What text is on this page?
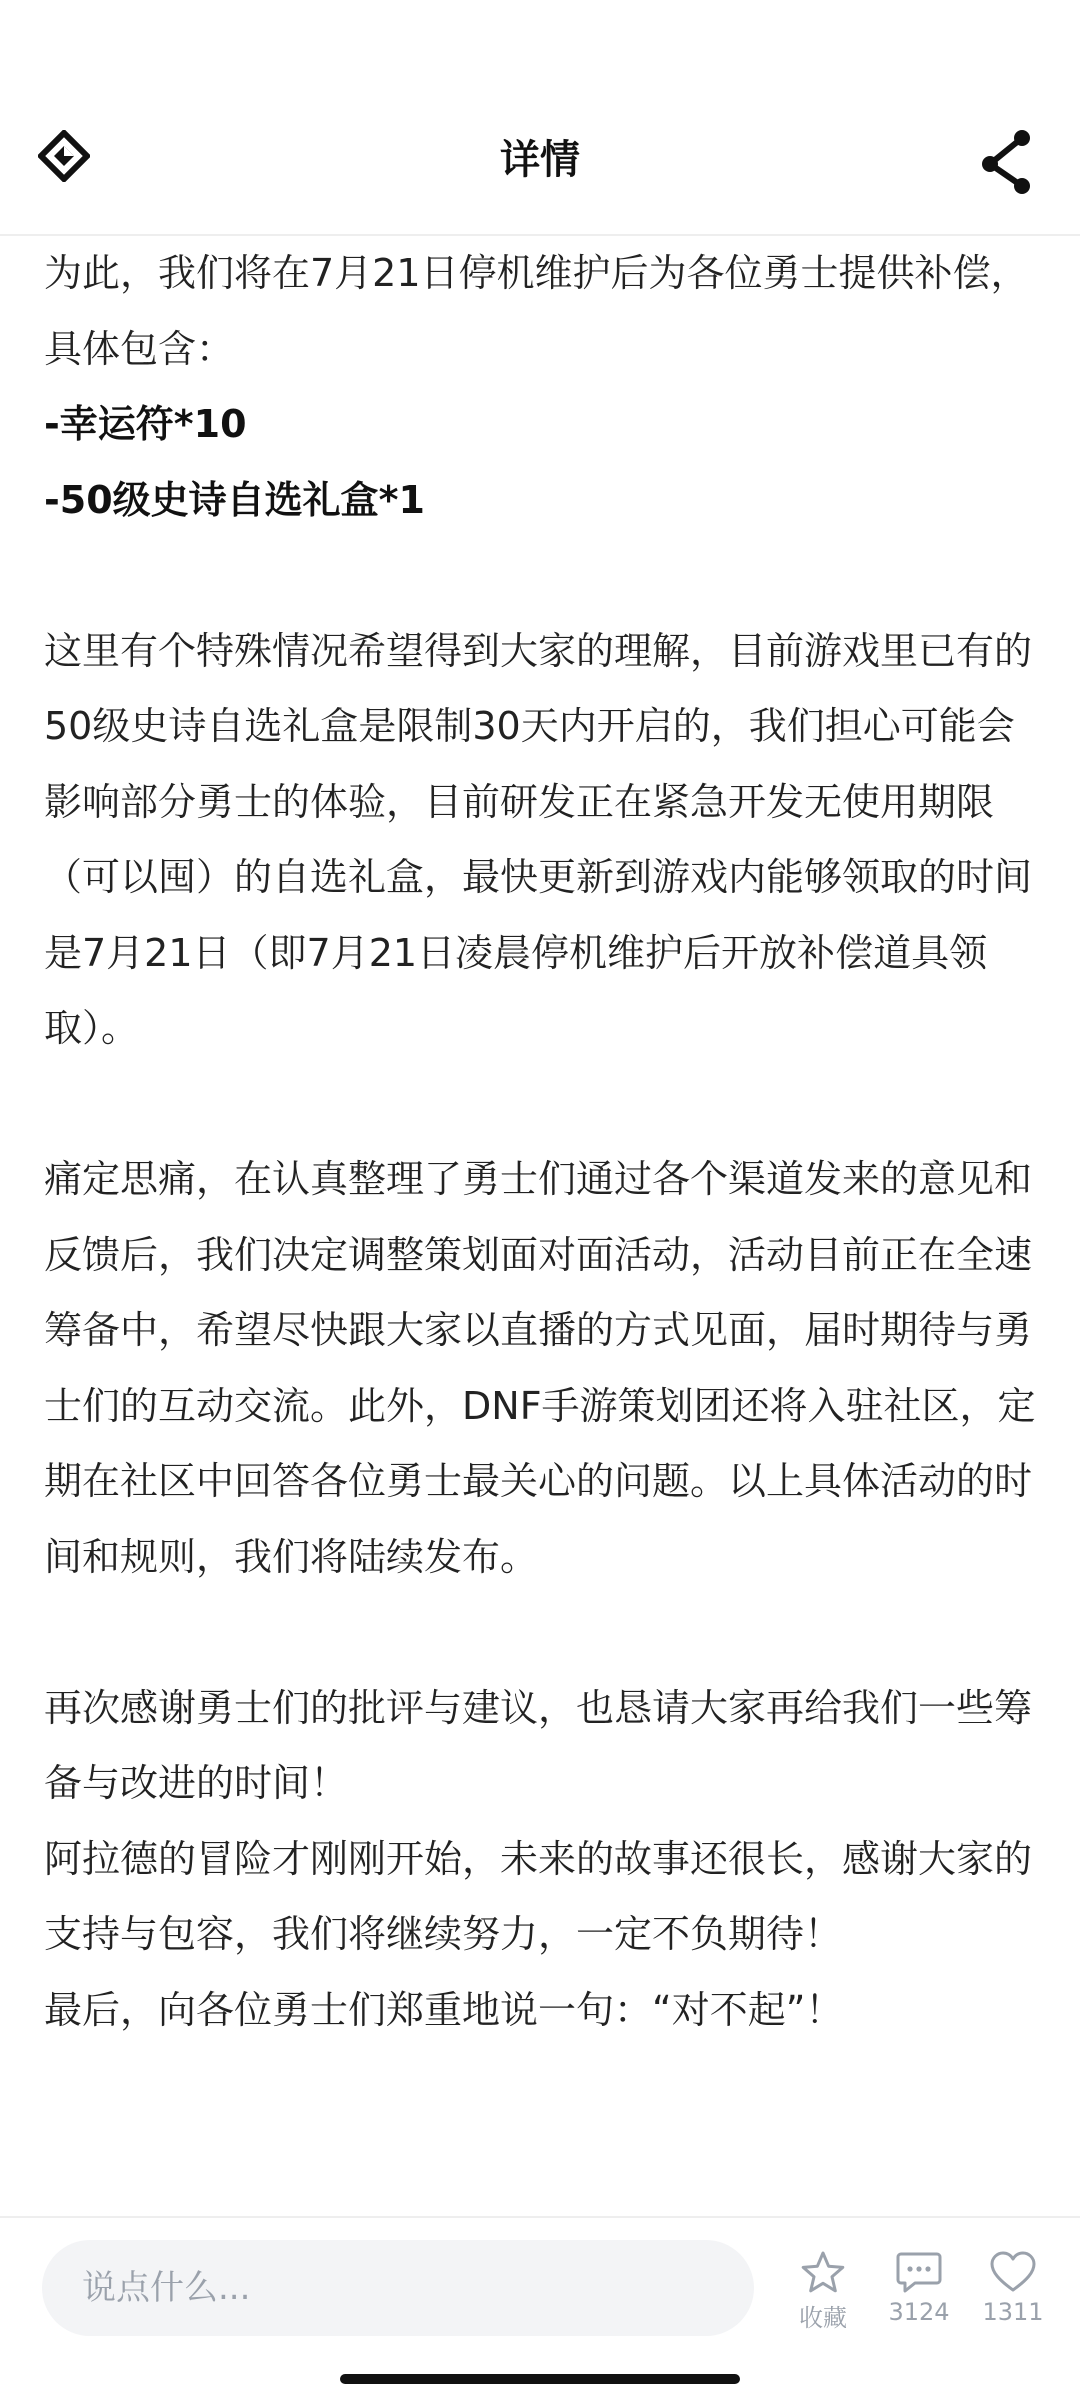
详情

为此，我们将在7月21日停机维护后为各位勇士提供补偿，具体包含：

-幸运符*10

-50级史诗自选礼盒*1

这里有个特殊情况希望得到大家的理解，目前游戏里已有的50级史诗自选礼盒是限制30天内开启的，我们担心可能会影响部分勇士的体验，目前研发正在紧急开发无使用期限（可以囤）的自选礼盒，最快更新到游戏内能够领取的时间是7月21日（即7月21日凌晨停机维护后开放补偿道具领取）。

痛定思痛，在认真整理了勇士们通过各个渠道发来的意见和反馈后，我们决定调整策划面对面活动，活动目前正在全速筹备中，希望尽快跟大家以直播的方式见面，届时期待与勇士们的互动交流。此外，DNF手游策划团还将入驻社区，定期在社区中回答各位勇士最关心的问题。以上具体活动的时间和规则，我们将陆续发布。

再次感谢勇士们的批评与建议，也恳请大家再给我们一些筹备与改进的时间！

阿拉德的冒险才刚刚开始，未来的故事还很长，感谢大家的支持与包容，我们将继续努力，一定不负期待！

最后，向各位勇士们郑重地说一句：“对不起”！

说点什么...
收藏	3124	1311
